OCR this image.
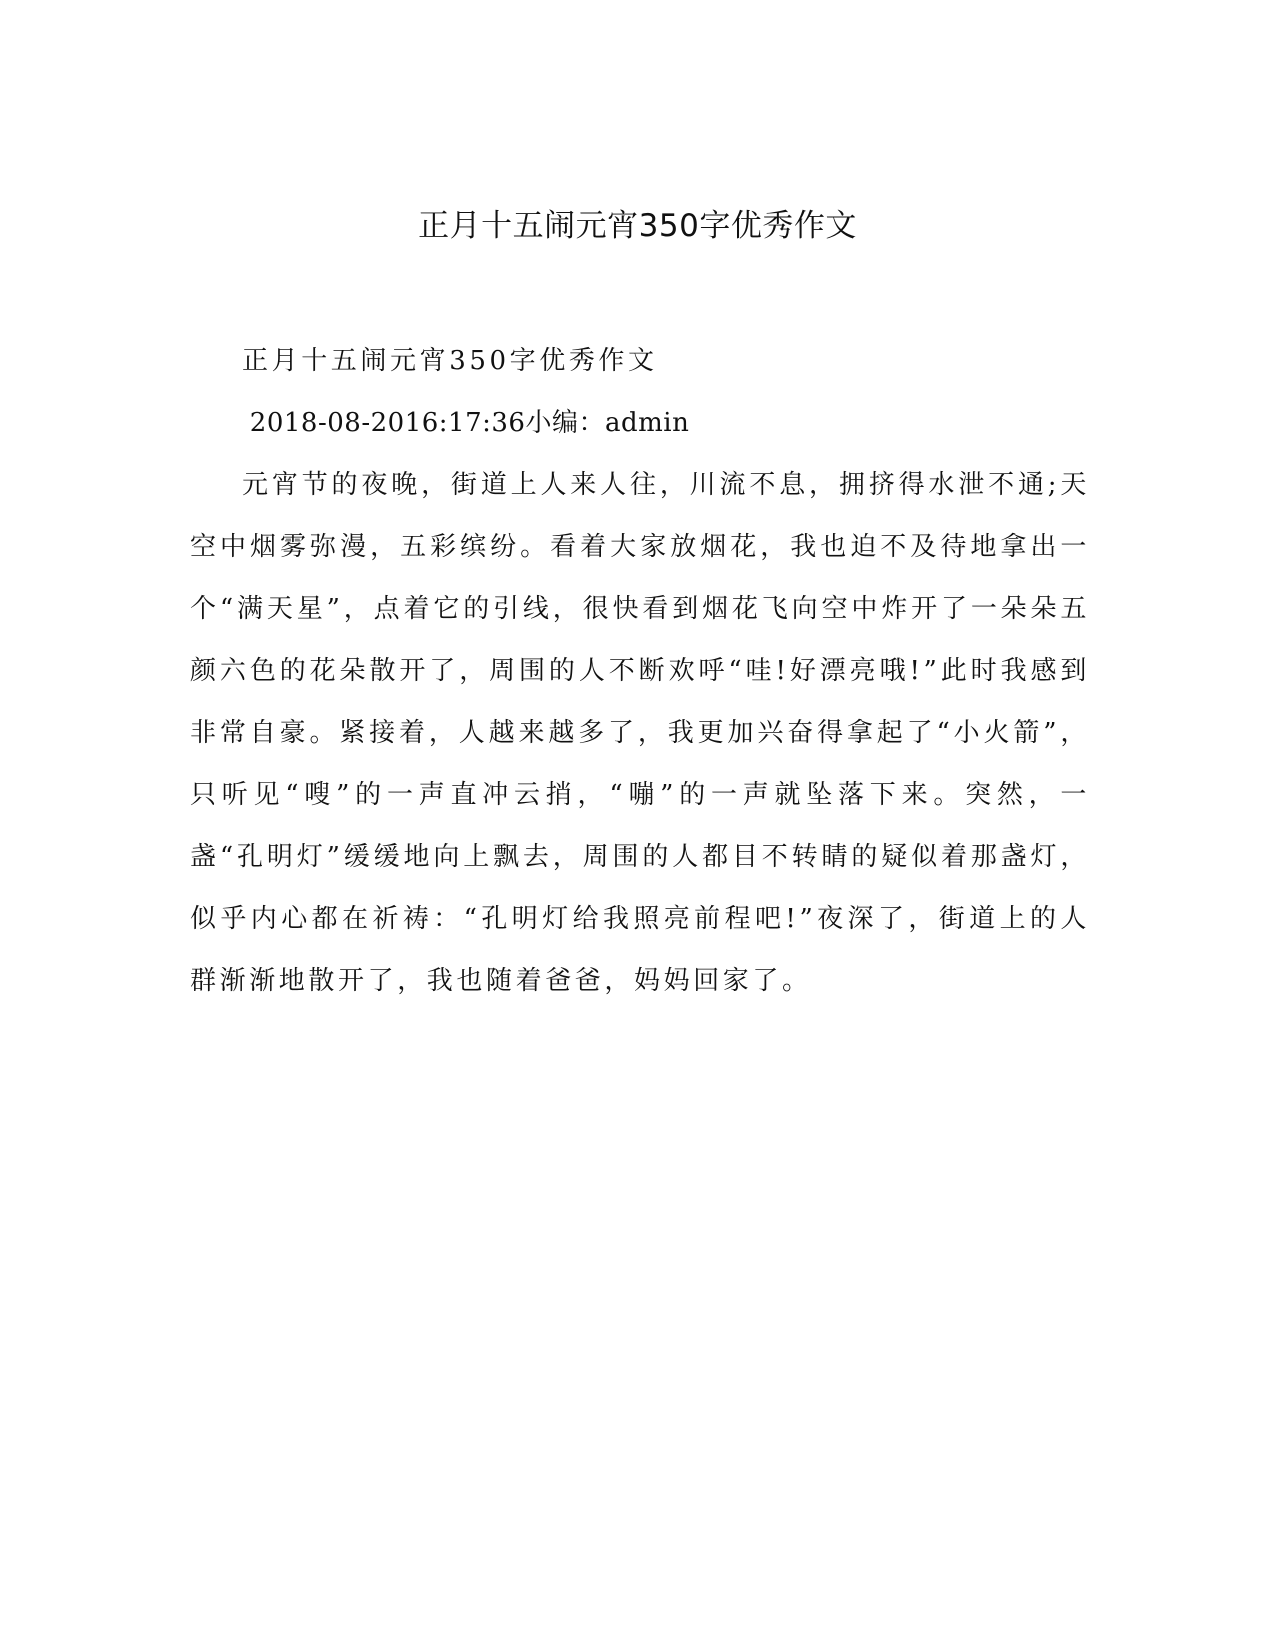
正月十五闹元宵350字优秀作文

正月十五闹元宵350字优秀作文

2018-08-2016:17:36小编：admin

元宵节的夜晚，街道上人来人往，川流不息，拥挤得水泄不通;天空中烟雾弥漫，五彩缤纷。看着大家放烟花，我也迫不及待地拿出一个“满天星”，点着它的引线，很快看到烟花飞向空中炸开了一朵朵五颜六色的花朵散开了，周围的人不断欢呼“哇!好漂亮哦!”此时我感到非常自豪。紧接着，人越来越多了，我更加兴奋得拿起了“小火箭”，只听见“嗖”的一声直冲云捎，“嘣”的一声就坠落下来。突然，一盏“孔明灯”缓缓地向上飘去，周围的人都目不转睛的疑似着那盏灯，似乎内心都在祈祷：“孔明灯给我照亮前程吧!”夜深了，街道上的人群渐渐地散开了，我也随着爸爸，妈妈回家了。
